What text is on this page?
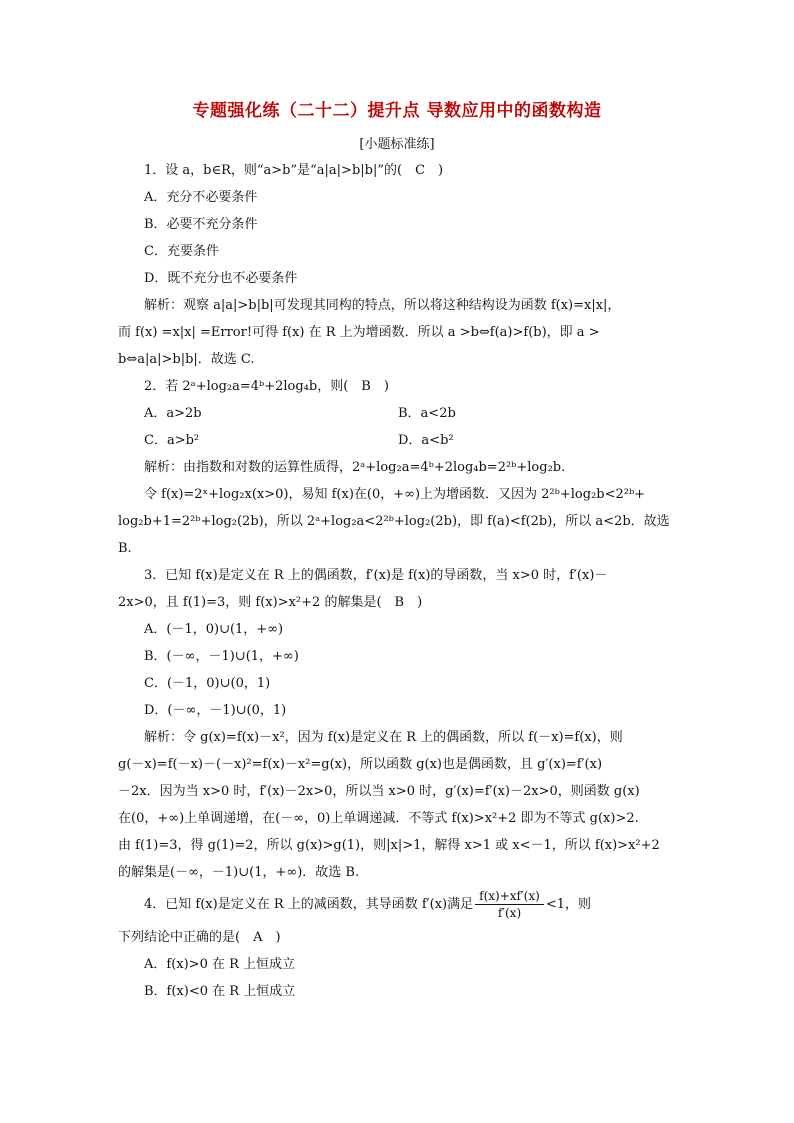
专题强化练（二十二）提升点 导数应用中的函数构造
[小题标准练]
1．设 a，b∈R，则“a>b”是“a|a|>b|b|”的(　C　)
A．充分不必要条件
B．必要不充分条件
C．充要条件
D．既不充分也不必要条件
解析：观察 a|a|>b|b|可发现其同构的特点，所以将这种结构设为函数 f(x)=x|x|，
而 f(x) =x|x| =Error!可得 f(x) 在 R 上为增函数．所以 a >b⇔f(a)>f(b)，即 a >
b⇔a|a|>b|b|．故选 C.
2．若 2ᵃ+log₂a=4ᵇ+2log₄b，则(　B　)
A．a>2b	B．a<2b
C．a>b²	D．a<b²
解析：由指数和对数的运算性质得，2ᵃ+log₂a=4ᵇ+2log₄b=2²ᵇ+log₂b.
令 f(x)=2ˣ+log₂x(x>0)，易知 f(x)在(0，+∞)上为增函数．又因为 2²ᵇ+log₂b<2²ᵇ+
log₂b+1=2²ᵇ+log₂(2b)，所以 2ᵃ+log₂a<2²ᵇ+log₂(2b)，即 f(a)<f(2b)，所以 a<2b．故选
B.
3．已知 f(x)是定义在 R 上的偶函数，f′(x)是 f(x)的导函数，当 x>0 时，f′(x)－
2x>0，且 f(1)=3，则 f(x)>x²+2 的解集是(　B　)
A．(－1，0)∪(1，+∞)
B．(－∞，－1)∪(1，+∞)
C．(－1，0)∪(0，1)
D．(－∞，－1)∪(0，1)
解析：令 g(x)=f(x)－x²，因为 f(x)是定义在 R 上的偶函数，所以 f(－x)=f(x)，则
g(－x)=f(－x)－(－x)²=f(x)－x²=g(x)，所以函数 g(x)也是偶函数，且 g′(x)=f′(x)
－2x．因为当 x>0 时，f′(x)－2x>0，所以当 x>0 时，g′(x)=f′(x)－2x>0，则函数 g(x)
在(0，+∞)上单调递增，在(－∞，0)上单调递减．不等式 f(x)>x²+2 即为不等式 g(x)>2.
由 f(1)=3，得 g(1)=2，所以 g(x)>g(1)，则|x|>1，解得 x>1 或 x<－1，所以 f(x)>x²+2
的解集是(－∞，－1)∪(1，+∞)．故选 B.
4．已知 f(x)是定义在 R 上的减函数，其导函数 f′(x)满足 $\frac{f(x)+xf'(x)}{f'(x)} <1$，则
下列结论中正确的是(　A　)
A．f(x)>0 在 R 上恒成立
B．f(x)<0 在 R 上恒成立
